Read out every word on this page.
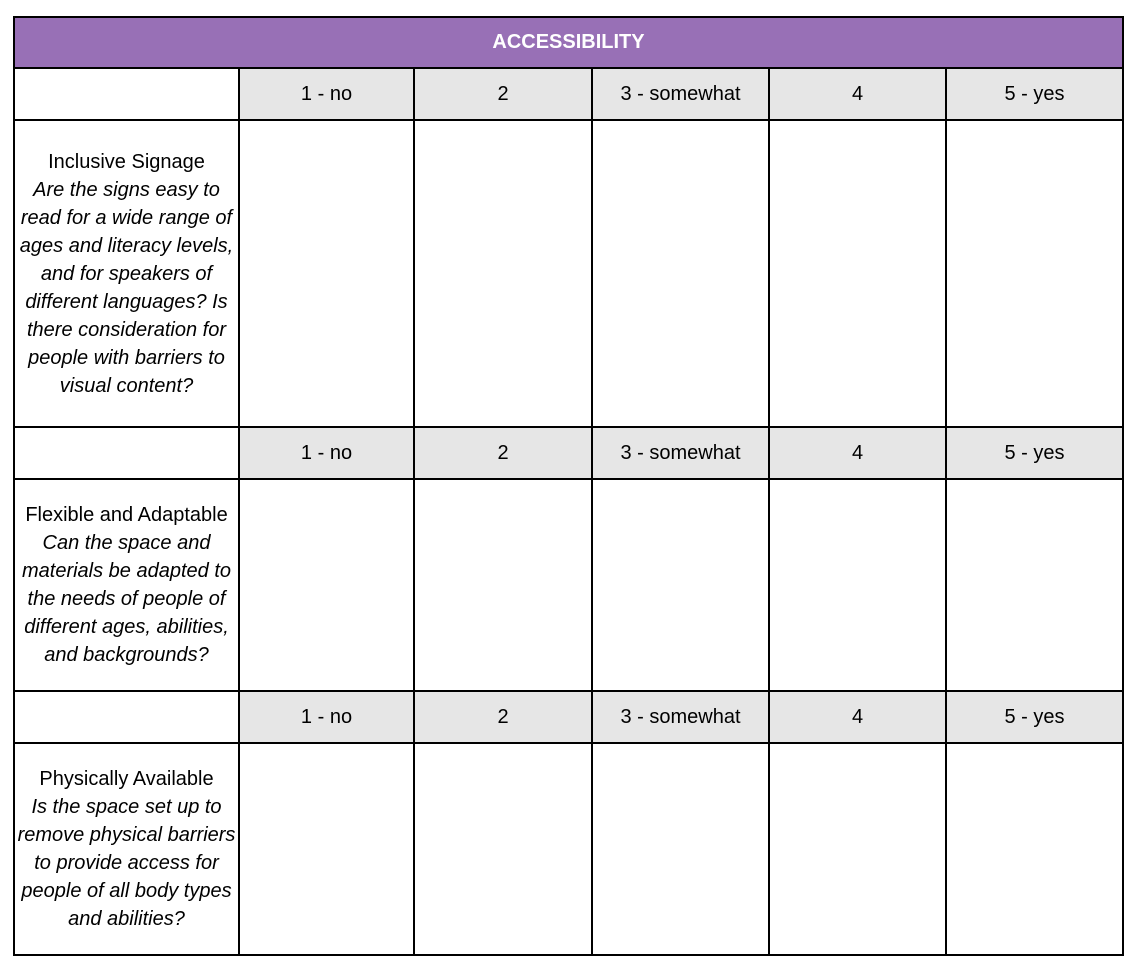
ACCESSIBILITY					
	1 - no	2	3 - somewhat	4	5 - yes

Inclusive Signage
Are the signs easy to read for a wide range of ages and literacy levels, and for speakers of different languages? Is there consideration for people with barriers to visual content?					

	1 - no	2	3 - somewhat	4	5 - yes

Flexible and Adaptable
Can the space and materials be adapted to the needs of people of different ages, abilities, and backgrounds?					

	1 - no	2	3 - somewhat	4	5 - yes

Physically Available
Is the space set up to remove physical barriers to provide access for people of all body types and abilities?					
